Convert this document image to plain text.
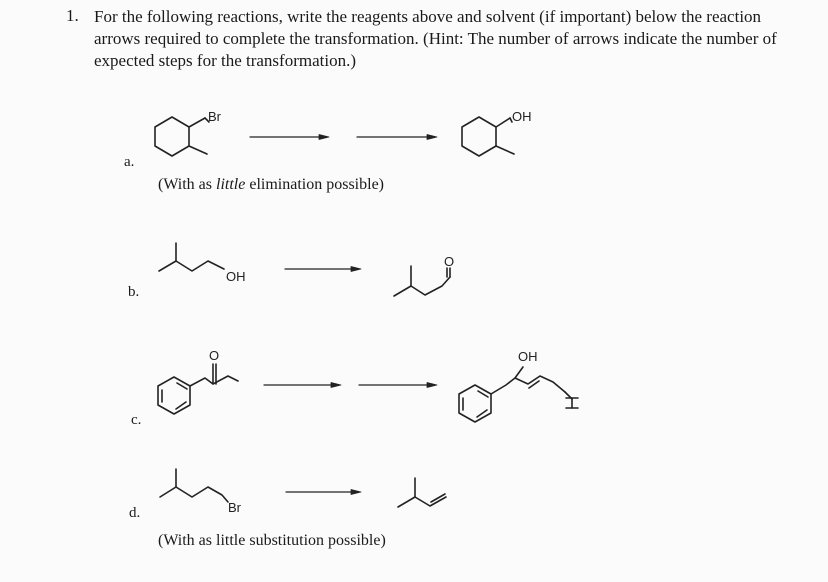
1. For the following reactions, write the reagents above and solvent (if important) below the reaction arrows required to complete the transformation. (Hint: The number of arrows indicate the number of expected steps for the transformation.)

a.
b.
c.
d.
(With as little elimination possible)
(With as little substitution possible)
Br	OH
OH
O
O	OH
Br
